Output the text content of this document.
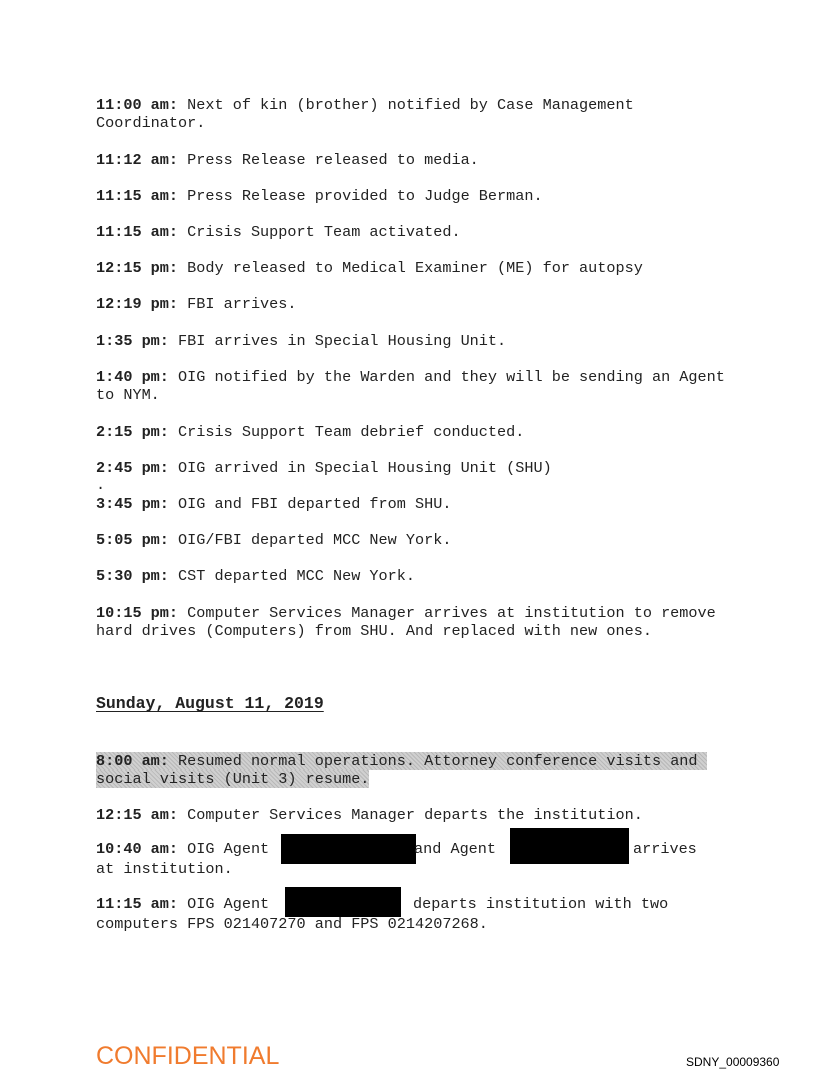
11:00 am: Next of kin (brother) notified by Case Management Coordinator.
11:12 am: Press Release released to media.
11:15 am: Press Release provided to Judge Berman.
11:15 am: Crisis Support Team activated.
12:15 pm: Body released to Medical Examiner (ME) for autopsy
12:19 pm: FBI arrives.
1:35 pm: FBI arrives in Special Housing Unit.
1:40 pm: OIG notified by the Warden and they will be sending an Agent to NYM.
2:15 pm: Crisis Support Team debrief conducted.
2:45 pm: OIG arrived in Special Housing Unit (SHU)
.
3:45 pm: OIG and FBI departed from SHU.
5:05 pm: OIG/FBI departed MCC New York.
5:30 pm: CST departed MCC New York.
10:15 pm: Computer Services Manager arrives at institution to remove hard drives (Computers) from SHU. And replaced with new ones.
Sunday, August 11, 2019
8:00 am: Resumed normal operations. Attorney conference visits and social visits (Unit 3) resume.
12:15 am: Computer Services Manager departs the institution.
10:40 am: OIG Agent	and Agent	arrives
at institution.
11:15 am: OIG Agent	departs institution with two
computers FPS 021407270 and FPS 0214207268.
CONFIDENTIAL	SDNY_00009360
